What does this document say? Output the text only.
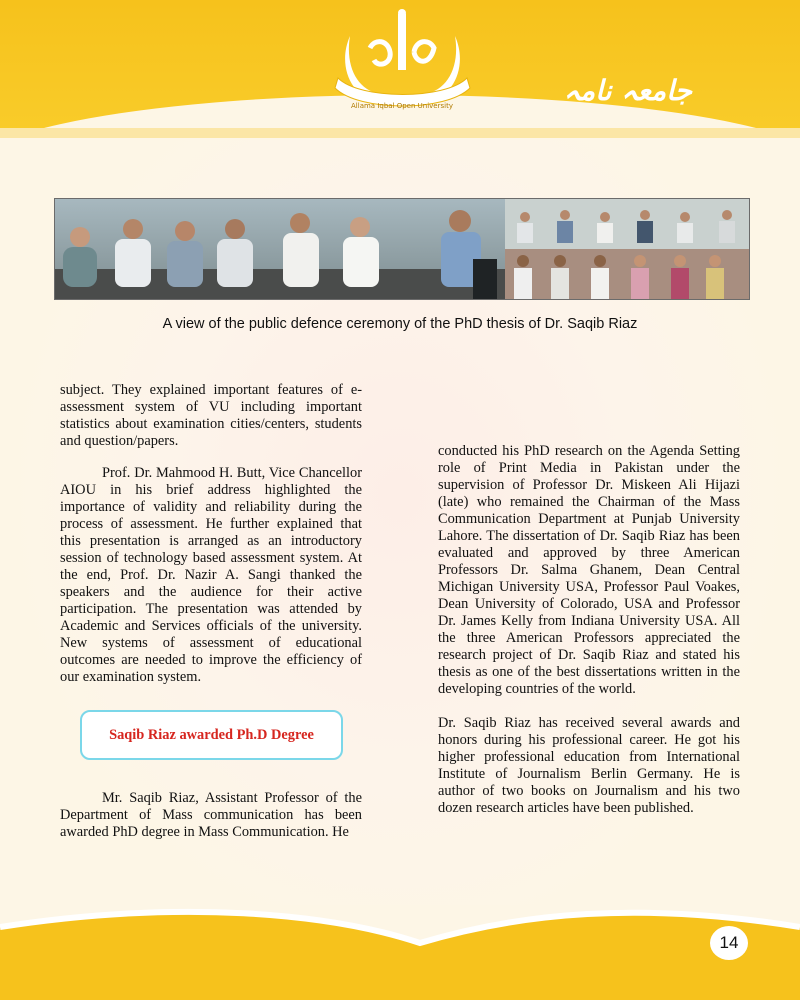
Allama Iqbal Open University	جامعہ نامہ
A view of the public defence ceremony of the PhD thesis of Dr. Saqib Riaz

subject. They explained important features of e-assessment system of VU including important statistics about examination cities/centers, students and question/papers.

Prof. Dr. Mahmood H. Butt, Vice Chancellor AIOU in his brief address highlighted the importance of validity and reliability during the process of assessment. He further explained that this presentation is arranged as an introductory session of technology based assessment system. At the end, Prof. Dr. Nazir A. Sangi thanked the speakers and the audience for their active participation. The presentation was attended by Academic and Services officials of the university. New systems of assessment of educational outcomes are needed to improve the efficiency of our examination system.

Saqib Riaz awarded Ph.D Degree

Mr. Saqib Riaz, Assistant Professor of the Department of Mass communication has been awarded PhD degree in Mass Communication. He

conducted his PhD research on the Agenda Setting role of Print Media in Pakistan under the supervision of Professor Dr. Miskeen Ali Hijazi (late) who remained the Chairman of the Mass Communication Department at Punjab University Lahore. The dissertation of Dr. Saqib Riaz has been evaluated and approved by three American Professors Dr. Salma Ghanem, Dean Central Michigan University USA, Professor Paul Voakes, Dean University of Colorado, USA and Professor Dr. James Kelly from Indiana University USA. All the three American Professors appreciated the research project of Dr. Saqib Riaz and stated his thesis as one of the best dissertations written in the developing countries of the world.

Dr. Saqib Riaz has received several awards and honors during his professional career. He got his higher professional education from International Institute of Journalism Berlin Germany. He is author of two books on Journalism and his two dozen research articles have been published.

14
